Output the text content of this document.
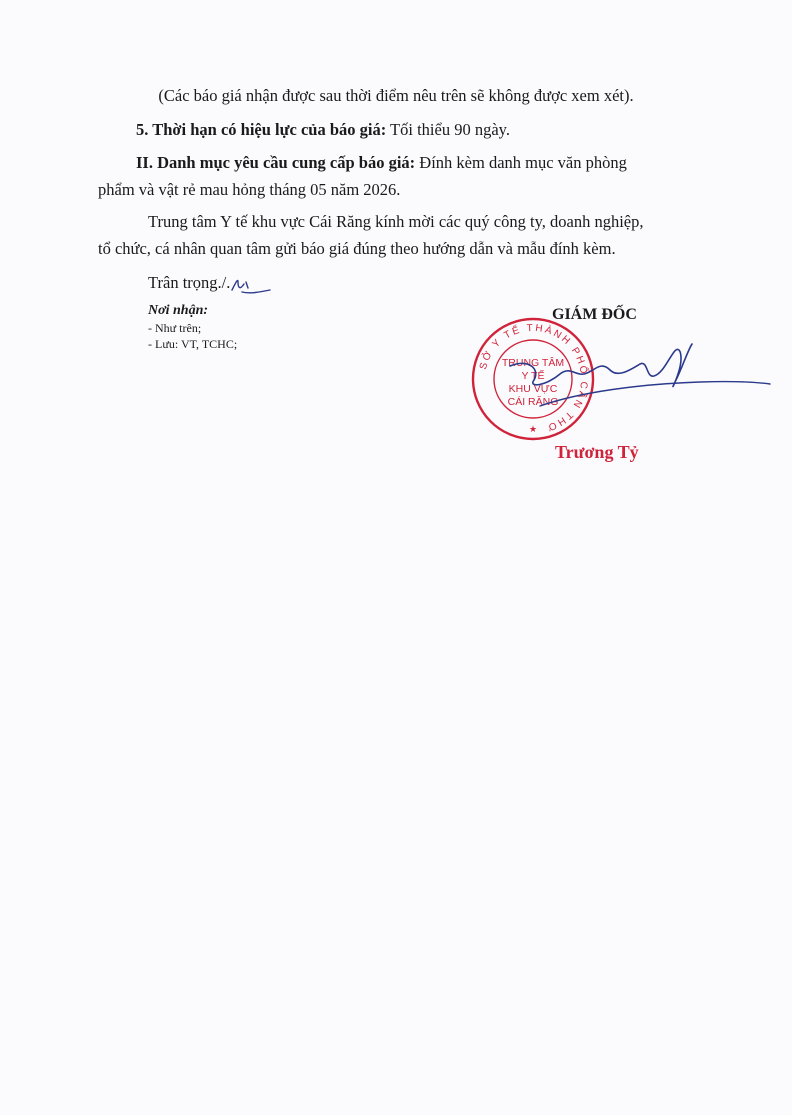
(Các báo giá nhận được sau thời điểm nêu trên sẽ không được xem xét).
5. Thời hạn có hiệu lực của báo giá: Tối thiểu 90 ngày.
II. Danh mục yêu cầu cung cấp báo giá: Đính kèm danh mục văn phòng
phẩm và vật rẻ mau hỏng tháng 05 năm 2026.
Trung tâm Y tế khu vực Cái Răng kính mời các quý công ty, doanh nghiệp,
tổ chức, cá nhân quan tâm gửi báo giá đúng theo hướng dẫn và mẫu đính kèm.
Trân trọng./.
Nơi nhận:
- Như trên;
- Lưu: VT, TCHC;
GIÁM ĐỐC
SỞ Y TẾ THÀNH PHỐ CẦN THƠ
★
TRUNG TÂM
Y TẾ
KHU VỰC
CÁI RĂNG
Trương Tỷ
